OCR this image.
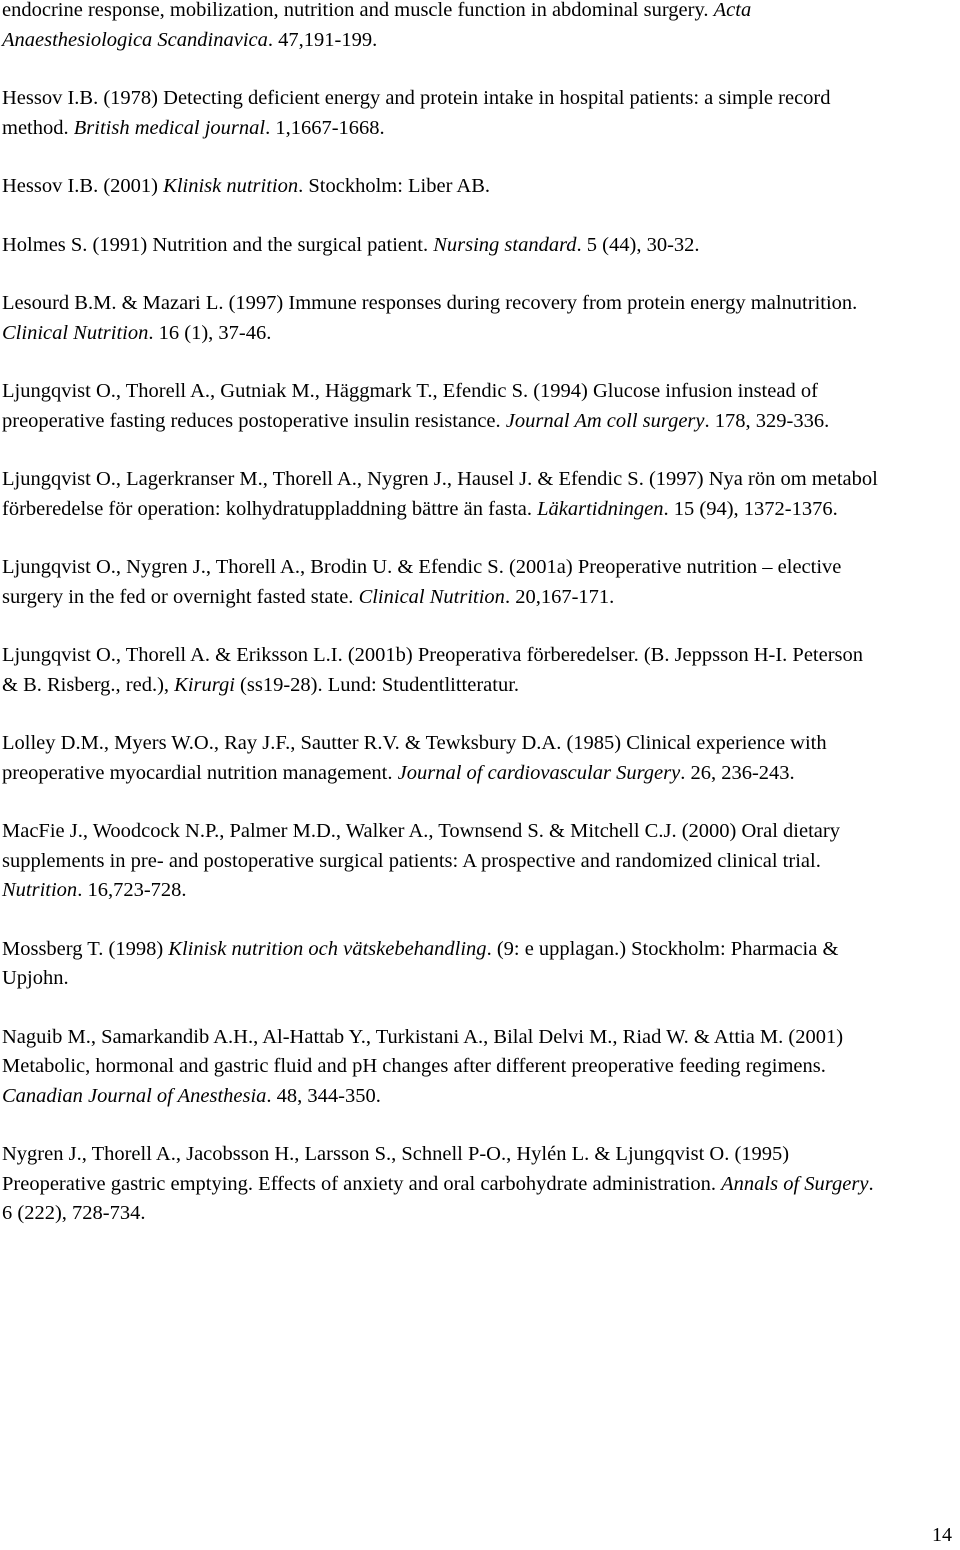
endocrine response, mobilization, nutrition and muscle function in abdominal surgery. Acta Anaesthesiologica Scandinavica. 47,191-199.

Hessov I.B. (1978) Detecting deficient energy and protein intake in hospital patients: a simple record method. British medical journal. 1,1667-1668.

Hessov I.B. (2001) Klinisk nutrition. Stockholm: Liber AB.

Holmes S. (1991) Nutrition and the surgical patient. Nursing standard. 5 (44), 30-32.

Lesourd B.M. & Mazari L. (1997) Immune responses during recovery from protein energy malnutrition. Clinical Nutrition. 16 (1), 37-46.

Ljungqvist O., Thorell A., Gutniak M., Häggmark T., Efendic S. (1994) Glucose infusion instead of preoperative fasting reduces postoperative insulin resistance. Journal Am coll surgery. 178, 329-336.

Ljungqvist O., Lagerkranser M., Thorell A., Nygren J., Hausel J. & Efendic S. (1997) Nya rön om metabol förberedelse för operation: kolhydratuppladdning bättre än fasta. Läkartidningen. 15 (94), 1372-1376.

Ljungqvist O., Nygren J., Thorell A., Brodin U. & Efendic S. (2001a) Preoperative nutrition – elective surgery in the fed or overnight fasted state. Clinical Nutrition. 20,167-171.

Ljungqvist O., Thorell A. & Eriksson L.I. (2001b) Preoperativa förberedelser. (B. Jeppsson H-I. Peterson & B. Risberg., red.), Kirurgi (ss19-28). Lund: Studentlitteratur.

Lolley D.M., Myers W.O., Ray J.F., Sautter R.V. & Tewksbury D.A. (1985) Clinical experience with preoperative myocardial nutrition management. Journal of cardiovascular Surgery. 26, 236-243.

MacFie J., Woodcock N.P., Palmer M.D., Walker A., Townsend S. & Mitchell C.J. (2000) Oral dietary supplements in pre- and postoperative surgical patients: A prospective and randomized clinical trial. Nutrition. 16,723-728.

Mossberg T. (1998) Klinisk nutrition och vätskebehandling. (9: e upplagan.) Stockholm: Pharmacia & Upjohn.

Naguib M., Samarkandib A.H., Al-Hattab Y., Turkistani A., Bilal Delvi M., Riad W. & Attia M. (2001) Metabolic, hormonal and gastric fluid and pH changes after different preoperative feeding regimens. Canadian Journal of Anesthesia. 48, 344-350.

Nygren J., Thorell A., Jacobsson H., Larsson S., Schnell P-O., Hylén L. & Ljungqvist O. (1995) Preoperative gastric emptying. Effects of anxiety and oral carbohydrate administration. Annals of Surgery. 6 (222), 728-734.

14
